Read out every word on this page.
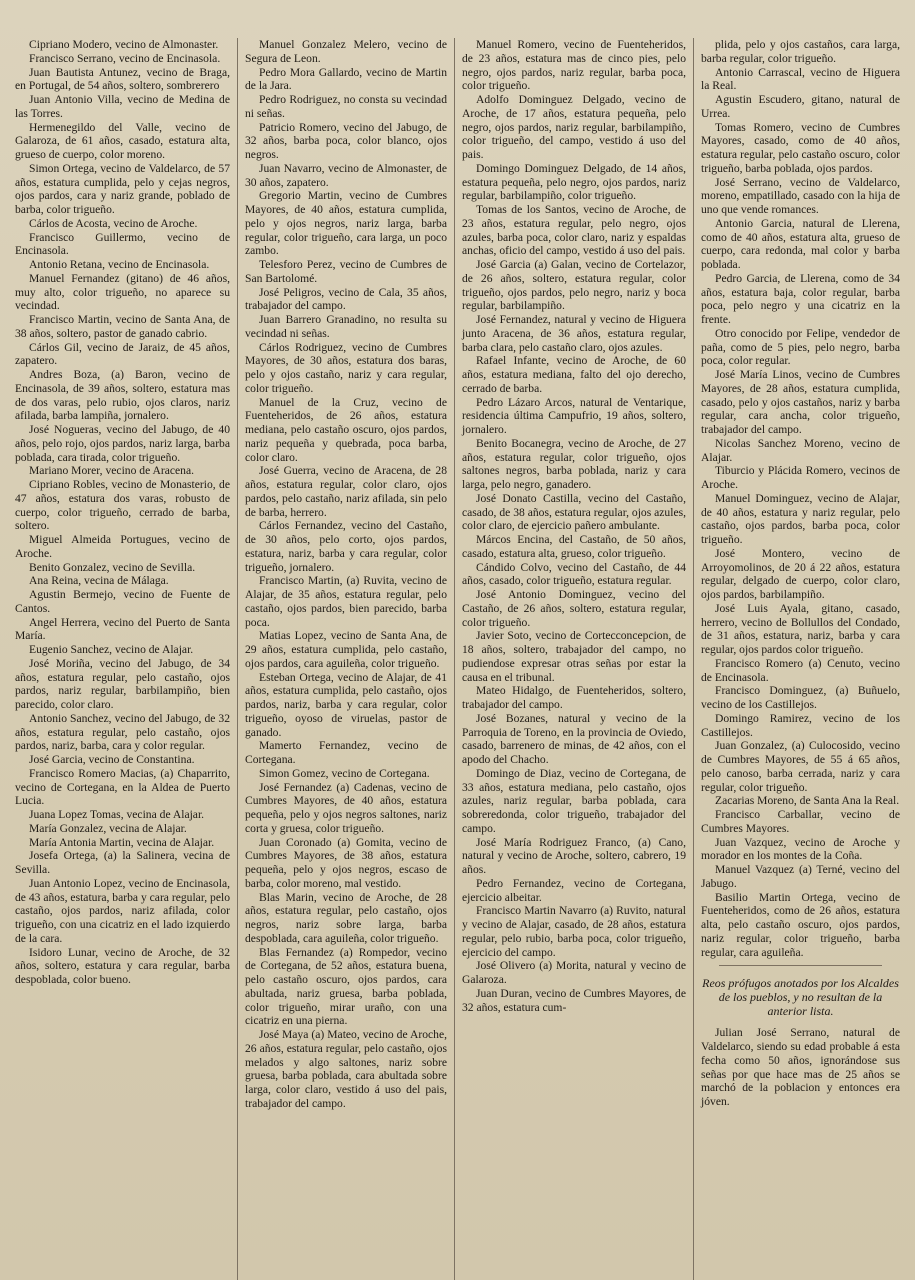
Cipriano Modero, vecino de Almonaster.

Francisco Serrano, vecino de Encinasola.

Juan Bautista Antunez, vecino de Braga, en Portugal, de 54 años, soltero, sombrerero

Juan Antonio Villa, vecino de Medina de las Torres.

Hermenegildo del Valle, vecino de Galaroza, de 61 años, casado, estatura alta, grueso de cuerpo, color moreno.

Simon Ortega, vecino de Valdelarco, de 57 años, estatura cumplida, pelo y cejas negros, ojos pardos, cara y nariz grande, poblado de barba, color trigueño.

Cárlos de Acosta, vecino de Aroche.

Francisco Guillermo, vecino de Encinasola.

Antonio Retana, vecino de Encinasola.

Manuel Fernandez (gitano) de 46 años, muy alto, color trigueño, no aparece su vecindad.

Francisco Martin, vecino de Santa Ana, de 38 años, soltero, pastor de ganado cabrio.

Cárlos Gil, vecino de Jaraiz, de 45 años, zapatero.

Andres Boza, (a) Baron, vecino de Encinasola, de 39 años, soltero, estatura mas de dos varas, pelo rubio, ojos claros, nariz afilada, barba lampiña, jornalero.

José Nogueras, vecino del Jabugo, de 40 años, pelo rojo, ojos pardos, nariz larga, barba poblada, cara tirada, color trigueño.

Mariano Morer, vecino de Aracena.

Cipriano Robles, vecino de Monasterio, de 47 años, estatura dos varas, robusto de cuerpo, color trigueño, cerrado de barba, soltero.

Miguel Almeida Portugues, vecino de Aroche.

Benito Gonzalez, vecino de Sevilla.

Ana Reina, vecina de Málaga.

Agustin Bermejo, vecino de Fuente de Cantos.

Angel Herrera, vecino del Puerto de Santa María.

Eugenio Sanchez, vecino de Alajar.

José Moriña, vecino del Jabugo, de 34 años, estatura regular, pelo castaño, ojos pardos, nariz regular, barbilampiño, bien parecido, color claro.

Antonio Sanchez, vecino del Jabugo, de 32 años, estatura regular, pelo castaño, ojos pardos, nariz, barba, cara y color regular.

José Garcia, vecino de Constantina.

Francisco Romero Macias, (a) Chaparrito, vecino de Cortegana, en la Aldea de Puerto Lucia.

Juana Lopez Tomas, vecina de Alajar.

María Gonzalez, vecina de Alajar.

María Antonia Martin, vecina de Alajar.

Josefa Ortega, (a) la Salinera, vecina de Sevilla.

Juan Antonio Lopez, vecino de Encinasola, de 43 años, estatura, barba y cara regular, pelo castaño, ojos pardos, nariz afilada, color trigueño, con una cicatriz en el lado izquierdo de la cara.

Isidoro Lunar, vecino de Aroche, de 32 años, soltero, estatura y cara regular, barba despoblada, color bueno.

Manuel Gonzalez Melero, vecino de Segura de Leon.

Pedro Mora Gallardo, vecino de Martin de la Jara.

Pedro Rodriguez, no consta su vecindad ni señas.

Patricio Romero, vecino del Jabugo, de 32 años, barba poca, color blanco, ojos negros.

Juan Navarro, vecino de Almonaster, de 30 años, zapatero.

Gregorio Martin, vecino de Cumbres Mayores, de 40 años, estatura cumplida, pelo y ojos negros, nariz larga, barba regular, color trigueño, cara larga, un poco zambo.

Telesforo Perez, vecino de Cumbres de San Bartolomé.

José Peligros, vecino de Cala, 35 años, trabajador del campo.

Juan Barrero Granadino, no resulta su vecindad ni señas.

Cárlos Rodriguez, vecino de Cumbres Mayores, de 30 años, estatura dos baras, pelo y ojos castaño, nariz y cara regular, color trigueño.

Manuel de la Cruz, vecino de Fuenteheridos, de 26 años, estatura mediana, pelo castaño oscuro, ojos pardos, nariz pequeña y quebrada, poca barba, color claro.

José Guerra, vecino de Aracena, de 28 años, estatura regular, color claro, ojos pardos, pelo castaño, nariz afilada, sin pelo de barba, herrero.

Cárlos Fernandez, vecino del Castaño, de 30 años, pelo corto, ojos pardos, estatura, nariz, barba y cara regular, color trigueño, jornalero.

Francisco Martin, (a) Ruvita, vecino de Alajar, de 35 años, estatura regular, pelo castaño, ojos pardos, bien parecido, barba poca.

Matias Lopez, vecino de Santa Ana, de 29 años, estatura cumplida, pelo castaño, ojos pardos, cara aguileña, color trigueño.

Esteban Ortega, vecino de Alajar, de 41 años, estatura cumplida, pelo castaño, ojos pardos, nariz, barba y cara regular, color trigueño, oyoso de viruelas, pastor de ganado.

Mamerto Fernandez, vecino de Cortegana.

Simon Gomez, vecino de Cortegana.

José Fernandez (a) Cadenas, vecino de Cumbres Mayores, de 40 años, estatura pequeña, pelo y ojos negros saltones, nariz corta y gruesa, color trigueño.

Juan Coronado (a) Gomita, vecino de Cumbres Mayores, de 38 años, estatura pequeña, pelo y ojos negros, escaso de barba, color moreno, mal vestido.

Blas Marin, vecino de Aroche, de 28 años, estatura regular, pelo castaño, ojos negros, nariz sobre larga, barba despoblada, cara aguileña, color trigueño.

Blas Fernandez (a) Rompedor, vecino de Cortegana, de 52 años, estatura buena, pelo castaño oscuro, ojos pardos, cara abultada, nariz gruesa, barba poblada, color trigueño, mirar uraño, con una cicatriz en una pierna.

José Maya (a) Mateo, vecino de Aroche, 26 años, estatura regular, pelo castaño, ojos melados y algo saltones, nariz sobre gruesa, barba poblada, cara abultada sobre larga, color claro, vestido á uso del pais, trabajador del campo.

Manuel Romero, vecino de Fuenteheridos, de 23 años, estatura mas de cinco pies, pelo negro, ojos pardos, nariz regular, barba poca, color trigueño.

Adolfo Dominguez Delgado, vecino de Aroche, de 17 años, estatura pequeña, pelo negro, ojos pardos, nariz regular, barbilampiño, color trigueño, del campo, vestido á uso del pais.

Domingo Dominguez Delgado, de 14 años, estatura pequeña, pelo negro, ojos pardos, nariz regular, barbilampiño, color trigueño.

Tomas de los Santos, vecino de Aroche, de 23 años, estatura regular, pelo negro, ojos azules, barba poca, color claro, nariz y espaldas anchas, oficio del campo, vestido á uso del pais.

José Garcia (a) Galan, vecino de Cortelazor, de 26 años, soltero, estatura regular, color trigueño, ojos pardos, pelo negro, nariz y boca regular, barbilampiño.

José Fernandez, natural y vecino de Higuera junto Aracena, de 36 años, estatura regular, barba clara, pelo castaño claro, ojos azules.

Rafael Infante, vecino de Aroche, de 60 años, estatura mediana, falto del ojo derecho, cerrado de barba.

Pedro Lázaro Arcos, natural de Ventarique, residencia última Campufrio, 19 años, soltero, jornalero.

Benito Bocanegra, vecino de Aroche, de 27 años, estatura regular, color trigueño, ojos saltones negros, barba poblada, nariz y cara larga, pelo negro, ganadero.

José Donato Castilla, vecino del Castaño, casado, de 38 años, estatura regular, ojos azules, color claro, de ejercicio pañero ambulante.

Márcos Encina, del Castaño, de 50 años, casado, estatura alta, grueso, color trigueño.

Cándido Colvo, vecino del Castaño, de 44 años, casado, color trigueño, estatura regular.

José Antonio Dominguez, vecino del Castaño, de 26 años, soltero, estatura regular, color trigueño.

Javier Soto, vecino de Cortecconcepcion, de 18 años, soltero, trabajador del campo, no pudiendose expresar otras señas por estar la causa en el tribunal.

Mateo Hidalgo, de Fuenteheridos, soltero, trabajador del campo.

José Bozanes, natural y vecino de la Parroquia de Toreno, en la provincia de Oviedo, casado, barrenero de minas, de 42 años, con el apodo del Chacho.

Domingo de Diaz, vecino de Cortegana, de 33 años, estatura mediana, pelo castaño, ojos azules, nariz regular, barba poblada, cara sobreredonda, color trigueño, trabajador del campo.

José María Rodriguez Franco, (a) Cano, natural y vecino de Aroche, soltero, cabrero, 19 años.

Pedro Fernandez, vecino de Cortegana, ejercicio albeitar.

Francisco Martin Navarro (a) Ruvito, natural y vecino de Alajar, casado, de 28 años, estatura regular, pelo rubio, barba poca, color trigueño, ejercicio del campo.

José Olivero (a) Morita, natural y vecino de Galaroza.

Juan Duran, vecino de Cumbres Mayores, de 32 años, estatura cum-

plida, pelo y ojos castaños, cara larga, barba regular, color trigueño.

Antonio Carrascal, vecino de Higuera la Real.

Agustin Escudero, gitano, natural de Urrea.

Tomas Romero, vecino de Cumbres Mayores, casado, como de 40 años, estatura regular, pelo castaño oscuro, color trigueño, barba poblada, ojos pardos.

José Serrano, vecino de Valdelarco, moreno, empatillado, casado con la hija de uno que vende romances.

Antonio Garcia, natural de Llerena, como de 40 años, estatura alta, grueso de cuerpo, cara redonda, mal color y barba poblada.

Pedro Garcia, de Llerena, como de 34 años, estatura baja, color regular, barba poca, pelo negro y una cicatriz en la frente.

Otro conocido por Felipe, vendedor de paña, como de 5 pies, pelo negro, barba poca, color regular.

José María Linos, vecino de Cumbres Mayores, de 28 años, estatura cumplida, casado, pelo y ojos castaños, nariz y barba regular, cara ancha, color trigueño, trabajador del campo.

Nicolas Sanchez Moreno, vecino de Alajar.

Tiburcio y Plácida Romero, vecinos de Aroche.

Manuel Dominguez, vecino de Alajar, de 40 años, estatura y nariz regular, pelo castaño, ojos pardos, barba poca, color trigueño.

José Montero, vecino de Arroyomolinos, de 20 á 22 años, estatura regular, delgado de cuerpo, color claro, ojos pardos, barbilampiño.

José Luis Ayala, gitano, casado, herrero, vecino de Bollullos del Condado, de 31 años, estatura, nariz, barba y cara regular, ojos pardos color trigueño.

Francisco Romero (a) Cenuto, vecino de Encinasola.

Francisco Dominguez, (a) Buñuelo, vecino de los Castillejos.

Domingo Ramirez, vecino de los Castillejos.

Juan Gonzalez, (a) Culocosido, vecino de Cumbres Mayores, de 55 á 65 años, pelo canoso, barba cerrada, nariz y cara regular, color trigueño.

Zacarias Moreno, de Santa Ana la Real.

Francisco Carballar, vecino de Cumbres Mayores.

Juan Vazquez, vecino de Aroche y morador en los montes de la Coña.

Manuel Vazquez (a) Terné, vecino del Jabugo.

Basilio Martin Ortega, vecino de Fuenteheridos, como de 26 años, estatura alta, pelo castaño oscuro, ojos pardos, nariz regular, color trigueño, barba regular, cara aguileña.

Reos prófugos anotados por los Alcaldes de los pueblos, y no resultan de la anterior lista.

Julian José Serrano, natural de Valdelarco, siendo su edad probable á esta fecha como 50 años, ignorándose sus señas por que hace mas de 25 años se marchó de la poblacion y entonces era jóven.
